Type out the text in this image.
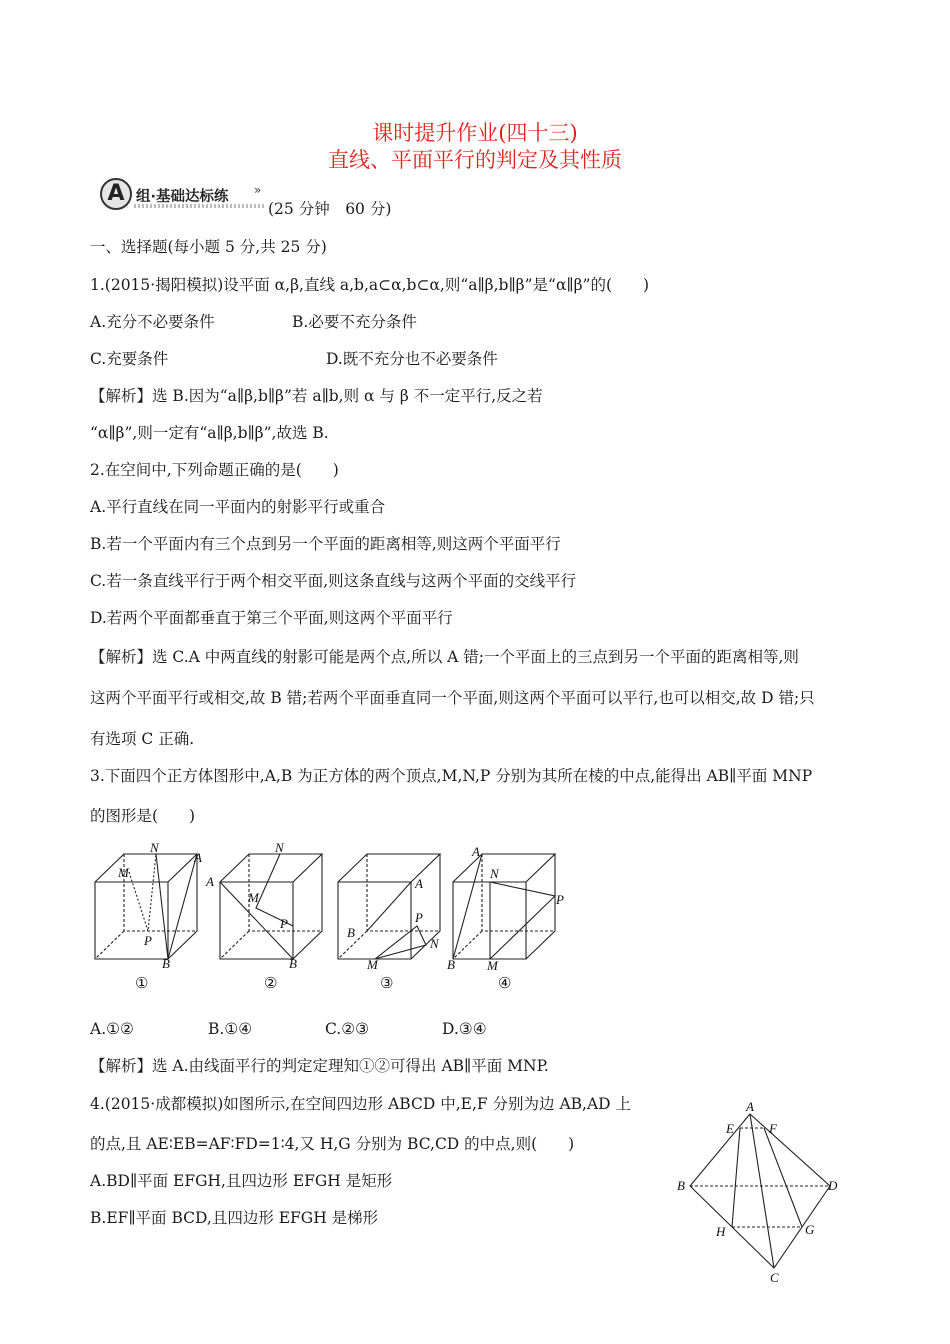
课时提升作业(四十三)
直线、平面平行的判定及其性质
A 组·基础达标练 »
(25 分钟　60 分)
一、选择题(每小题 5 分,共 25 分)
1.(2015·揭阳模拟)设平面 α,β,直线 a,b,a⊂α,b⊂α,则“a∥β,b∥β”是“α∥β”的(　　)
A.充分不必要条件	B.必要不充分条件
C.充要条件	D.既不充分也不必要条件
【解析】选 B.因为“a∥β,b∥β”若 a∥b,则 α 与 β 不一定平行,反之若
“α∥β”,则一定有“a∥β,b∥β”,故选 B.
2.在空间中,下列命题正确的是(　　)
A.平行直线在同一平面内的射影平行或重合
B.若一个平面内有三个点到另一个平面的距离相等,则这两个平面平行
C.若一条直线平行于两个相交平面,则这条直线与这两个平面的交线平行
D.若两个平面都垂直于第三个平面,则这两个平面平行
【解析】选 C.A 中两直线的射影可能是两个点,所以 A 错;一个平面上的三点到另一个平面的距离相等,则
这两个平面平行或相交,故 B 错;若两个平面垂直同一个平面,则这两个平面可以平行,也可以相交,故 D 错;只
有选项 C 正确.
3.下面四个正方体图形中,A,B 为正方体的两个顶点,M,N,P 分别为其所在棱的中点,能得出 AB∥平面 MNP
的图形是(　　)
N
A
M
P
B
N
A
M
P
B
A
P
B
N
M
A
N
P
B M
①	②	③	④
A.①②	B.①④	C.②③	D.③④
【解析】选 A.由线面平行的判定定理知①②可得出 AB∥平面 MNP.
4.(2015·成都模拟)如图所示,在空间四边形 ABCD 中,E,F 分别为边 AB,AD 上
的点,且 AE∶EB=AF∶FD=1∶4,又 H,G 分别为 BC,CD 的中点,则(　　)
A.BD∥平面 EFGH,且四边形 EFGH 是矩形
B.EF∥平面 BCD,且四边形 EFGH 是梯形
A
E	F
B	D
H	G
C
